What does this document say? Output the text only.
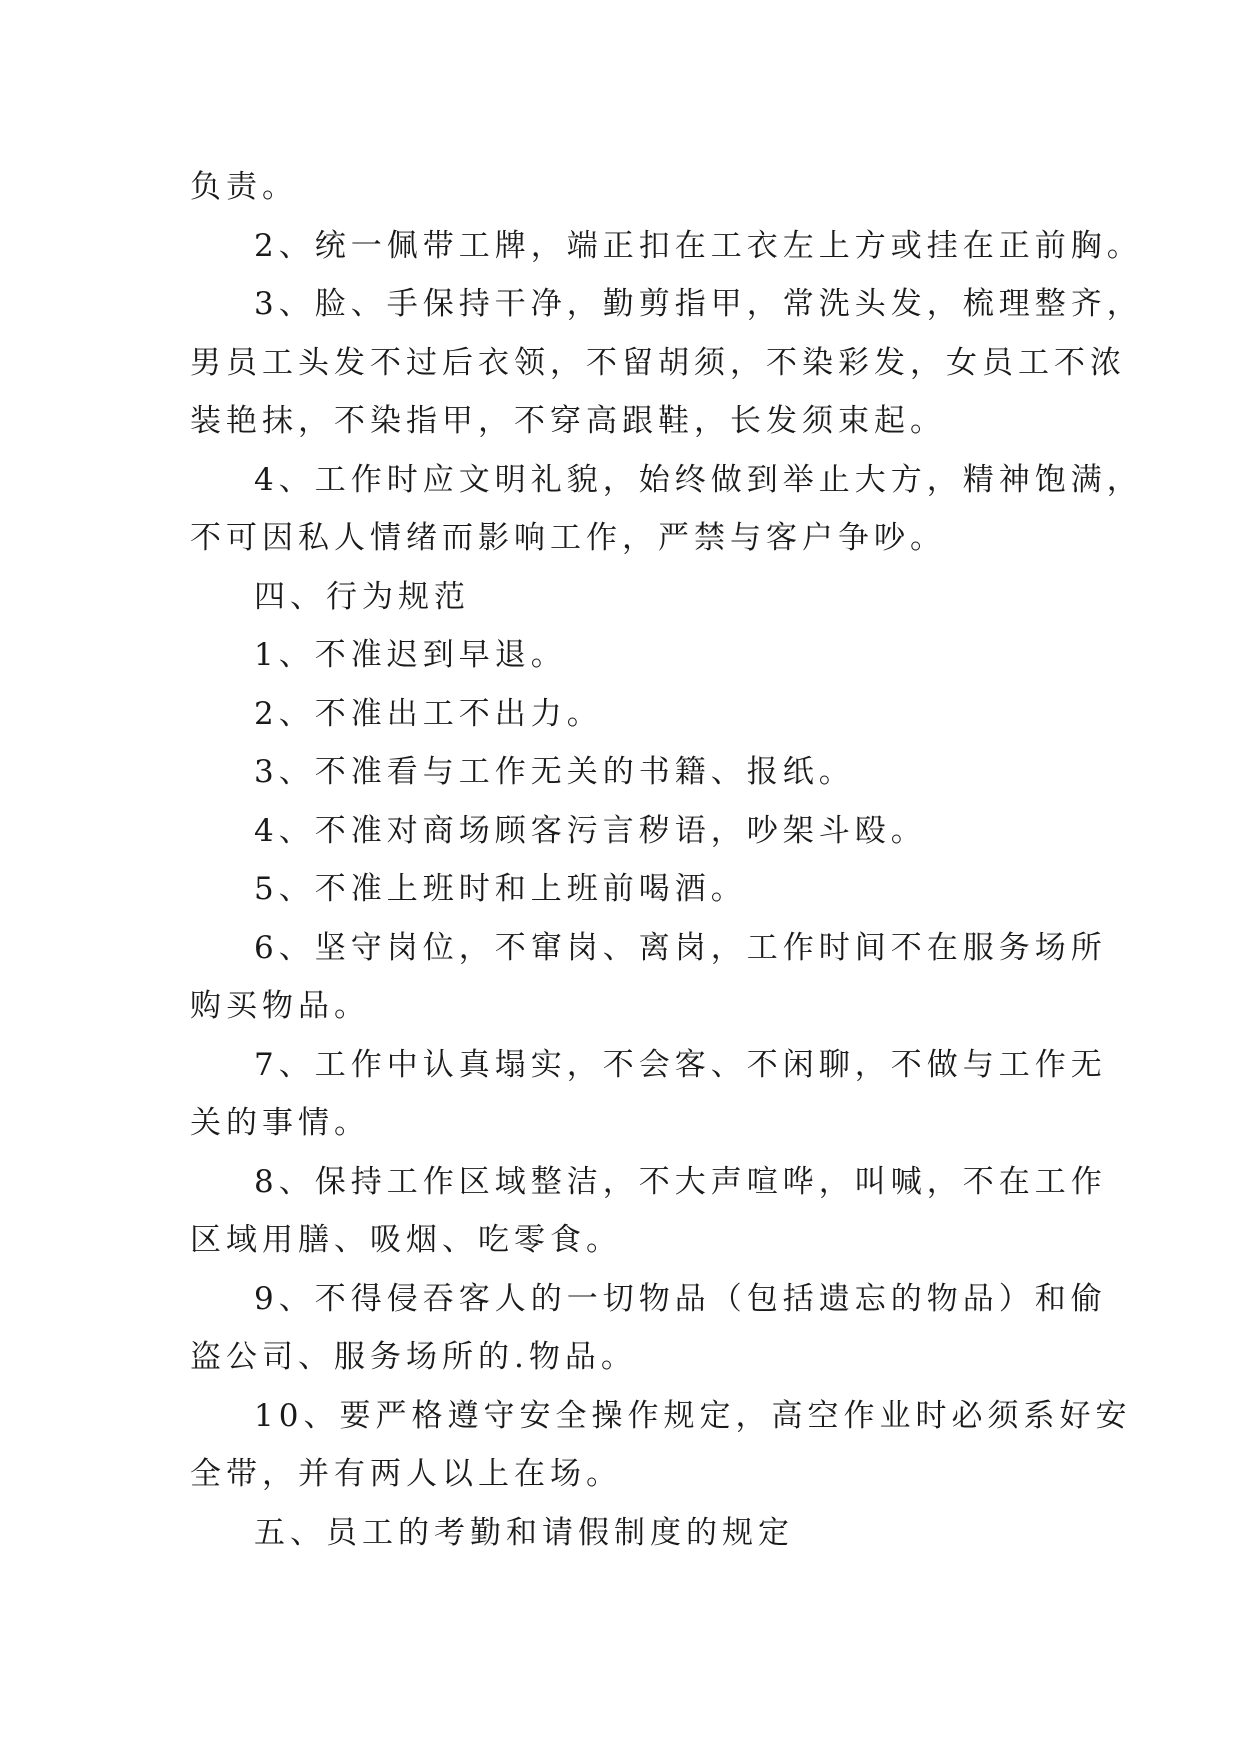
负责。
2、统一佩带工牌，端正扣在工衣左上方或挂在正前胸。
3、脸、手保持干净，勤剪指甲，常洗头发，梳理整齐，
男员工头发不过后衣领，不留胡须，不染彩发，女员工不浓
装艳抹，不染指甲，不穿高跟鞋，长发须束起。
4、工作时应文明礼貌，始终做到举止大方，精神饱满，
不可因私人情绪而影响工作，严禁与客户争吵。
四、行为规范
1、不准迟到早退。
2、不准出工不出力。
3、不准看与工作无关的书籍、报纸。
4、不准对商场顾客污言秽语，吵架斗殴。
5、不准上班时和上班前喝酒。
6、坚守岗位，不窜岗、离岗，工作时间不在服务场所
购买物品。
7、工作中认真塌实，不会客、不闲聊，不做与工作无
关的事情。
8、保持工作区域整洁，不大声喧哗，叫喊，不在工作
区域用膳、吸烟、吃零食。
9、不得侵吞客人的一切物品（包括遗忘的物品）和偷
盗公司、服务场所的.物品。
10、要严格遵守安全操作规定，高空作业时必须系好安
全带，并有两人以上在场。
五、员工的考勤和请假制度的规定
